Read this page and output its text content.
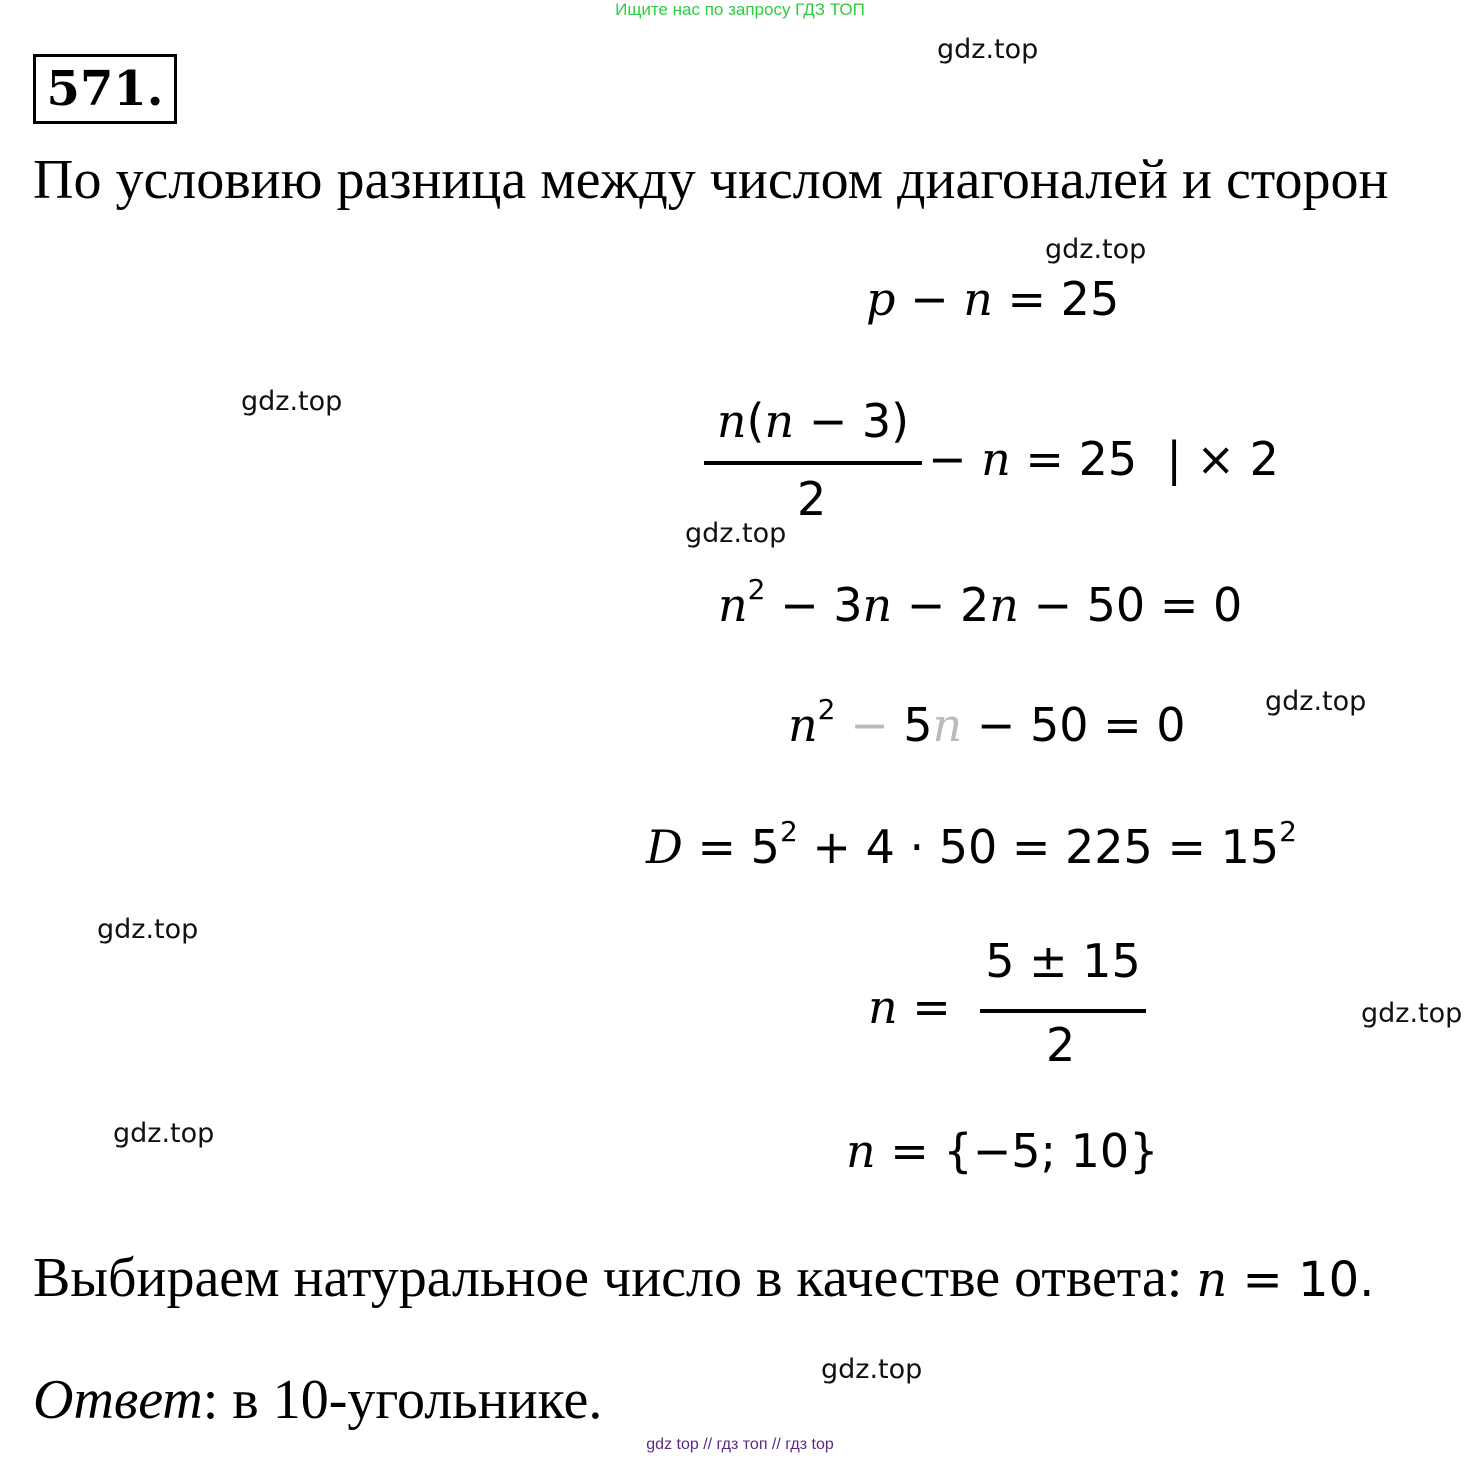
Ищите нас по запросу ГДЗ ТОП
571.
gdz.top
По условию разница между числом диагоналей и сторон
gdz.top
p − n = 25
gdz.top	n(n − 3)
2
− n = 25  | × 2
gdz.top
$n^2 - 3n - 2n - 50 = 0$
gdz.top
$n^2 - 5n - 50 = 0$
$D = 5^2 + 4 \cdot 50 = 225 = 15^2$
gdz.top
n =
5 ± 15
2
gdz.top
gdz.top	n = {−5; 10}
Выбираем натуральное число в качестве ответа: n = 10.
gdz.top
Ответ: в 10-угольнике.
gdz top // гдз топ // гдз top
